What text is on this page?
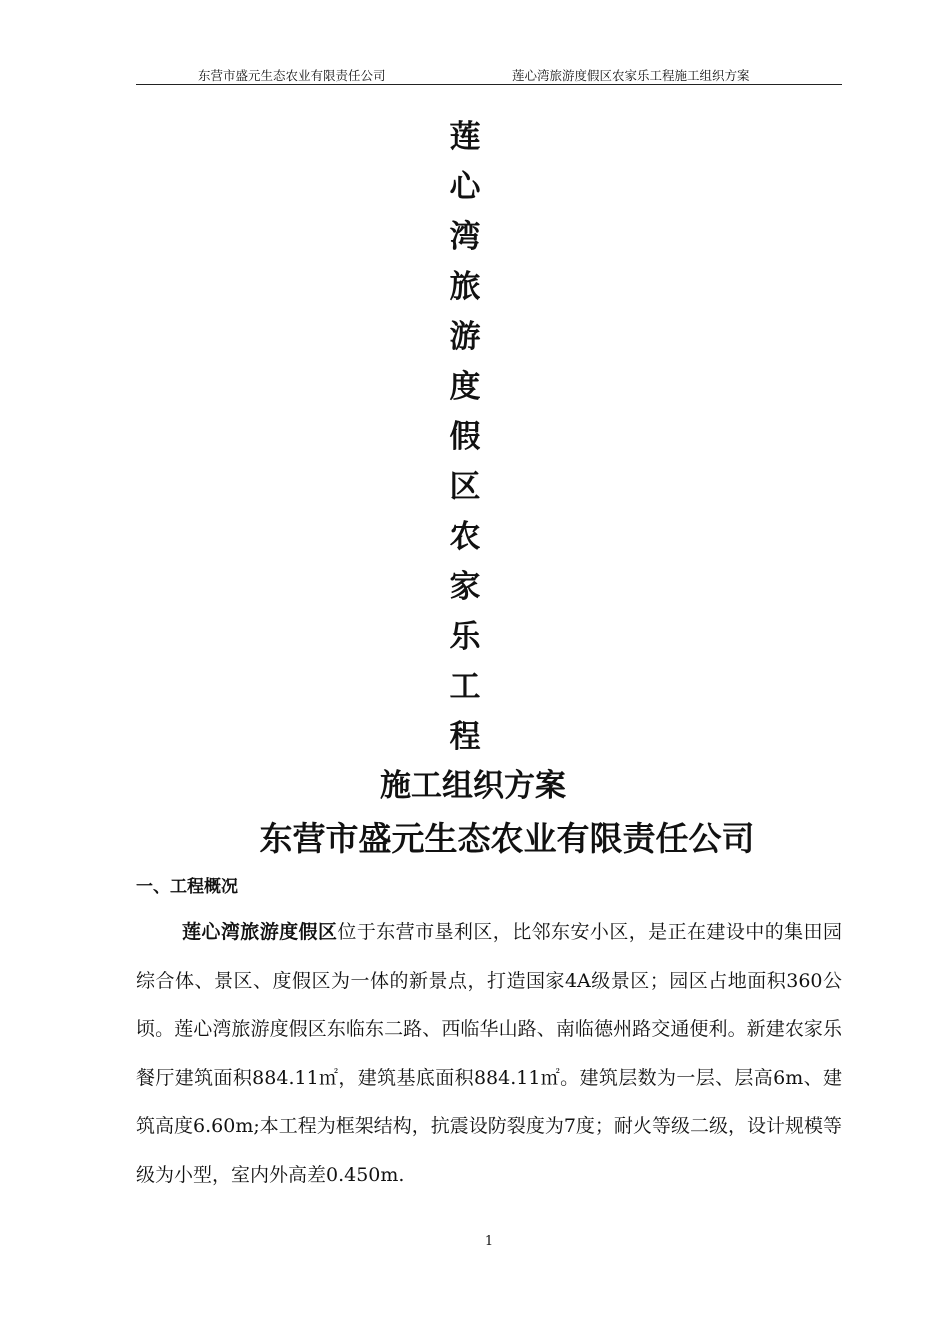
东营市盛元生态农业有限责任公司	莲心湾旅游度假区农家乐工程施工组织方案
莲
心
湾
旅
游
度
假
区
农
家
乐
工
程
施工组织方案
东营市盛元生态农业有限责任公司
一、工程概况
莲心湾旅游度假区位于东营市垦利区，比邻东安小区，是正在建设中的集田园综合体、景区、度假区为一体的新景点，打造国家4A级景区；园区占地面积360公顷。莲心湾旅游度假区东临东二路、西临华山路、南临德州路交通便利。新建农家乐餐厅建筑面积884.11㎡，建筑基底面积884.11㎡。建筑层数为一层、层高6m、建筑高度6.60m;本工程为框架结构，抗震设防裂度为7度；耐火等级二级，设计规模等级为小型，室内外高差0.450m.
1
